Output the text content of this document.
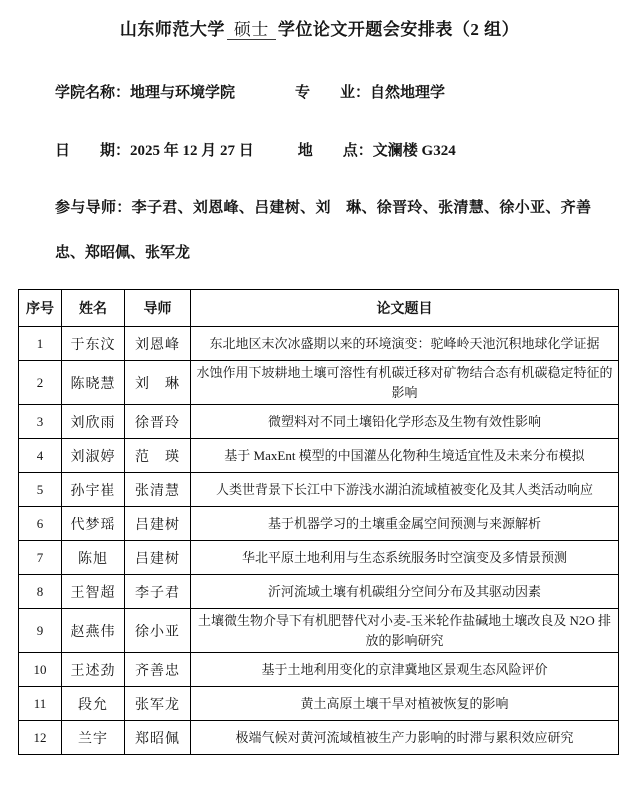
山东师范大学 硕士 学位论文开题会安排表（2 组）
学院名称：地理与环境学院	专　　业：自然地理学
日　　期：2025 年 12 月 27 日	地　　点：文澜楼 G324
参与导师：李子君、刘恩峰、吕建树、刘　琳、徐晋玲、张清慧、徐小亚、齐善忠、郑昭佩、张军龙
序号	姓名	导师	论文题目
1	于东汶	刘恩峰	东北地区末次冰盛期以来的环境演变：驼峰岭天池沉积地球化学证据
2	陈晓慧	刘　琳	水蚀作用下坡耕地土壤可溶性有机碳迁移对矿物结合态有机碳稳定特征的影响
3	刘欣雨	徐晋玲	微塑料对不同土壤铅化学形态及生物有效性影响
4	刘淑婷	范　瑛	基于 MaxEnt 模型的中国灌丛化物种生境适宜性及未来分布模拟
5	孙宇崔	张清慧	人类世背景下长江中下游浅水湖泊流域植被变化及其人类活动响应
6	代梦瑶	吕建树	基于机器学习的土壤重金属空间预测与来源解析
7	陈旭	吕建树	华北平原土地利用与生态系统服务时空演变及多情景预测
8	王智超	李子君	沂河流域土壤有机碳组分空间分布及其驱动因素
9	赵燕伟	徐小亚	土壤微生物介导下有机肥替代对小麦-玉米轮作盐碱地土壤改良及 N2O 排放的影响研究
10	王述劲	齐善忠	基于土地利用变化的京津冀地区景观生态风险评价
11	段允	张军龙	黄土高原土壤干旱对植被恢复的影响
12	兰宇	郑昭佩	极端气候对黄河流域植被生产力影响的时滞与累积效应研究
